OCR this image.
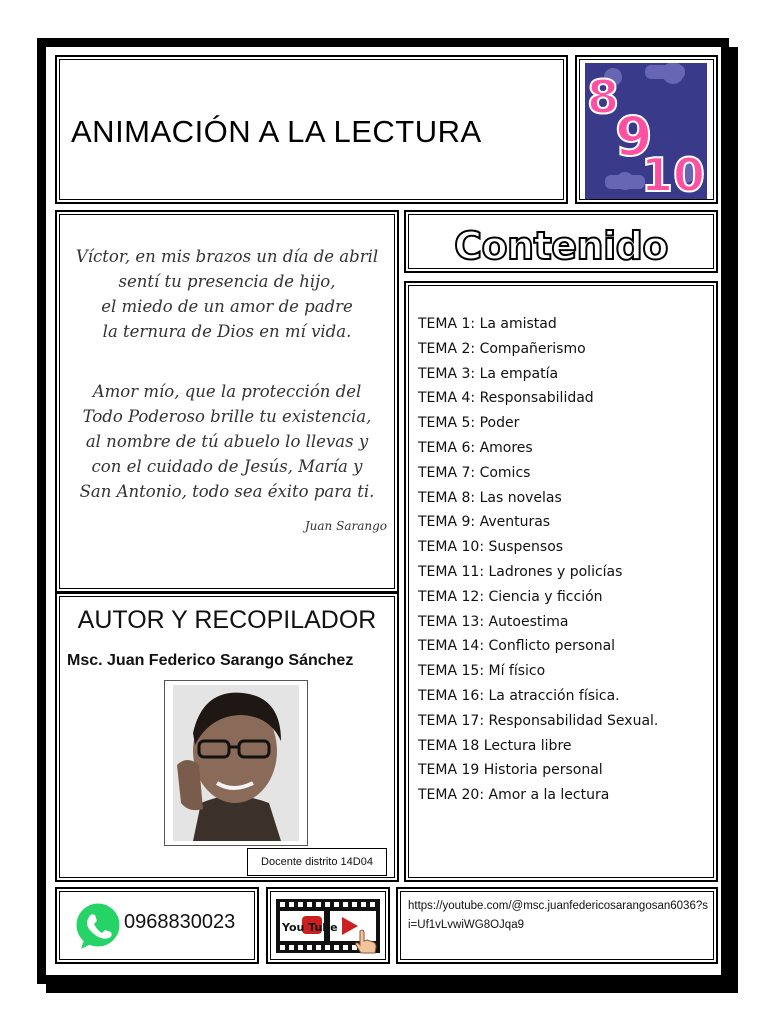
ANIMACIÓN A LA LECTURA
8
9
10

Víctor, en mis brazos un día de abril

sentí tu presencia de hijo,

el miedo de un amor de padre

la ternura de Dios en mí vida.

Amor mío, que la protección del

Todo Poderoso brille tu existencia,

al nombre de tú abuelo lo llevas y

con el cuidado de Jesús, María y

San Antonio, todo sea éxito para ti.

Juan Sarango
Contenido
TEMA 1: La amistad
TEMA 2: Compañerismo
TEMA 3: La empatía
TEMA 4: Responsabilidad
TEMA 5: Poder
TEMA 6: Amores
TEMA 7: Comics
TEMA 8: Las novelas
TEMA 9: Aventuras
TEMA 10: Suspensos
TEMA 11: Ladrones y policías
TEMA 12: Ciencia y ficción
TEMA 13: Autoestima
TEMA 14: Conflicto personal
TEMA 15: Mí físico
TEMA 16: La atracción física.
TEMA 17: Responsabilidad Sexual.
TEMA 18 Lectura libre
TEMA 19 Historia personal
TEMA 20: Amor a la lectura
AUTOR Y RECOPILADOR
Msc. Juan Federico Sarango Sánchez
Docente distrito 14D04
0968830023	You Tube
https://youtube.com/@msc.juanfedericosarangosan6036?si=Uf1vLvwiWG8OJqa9
